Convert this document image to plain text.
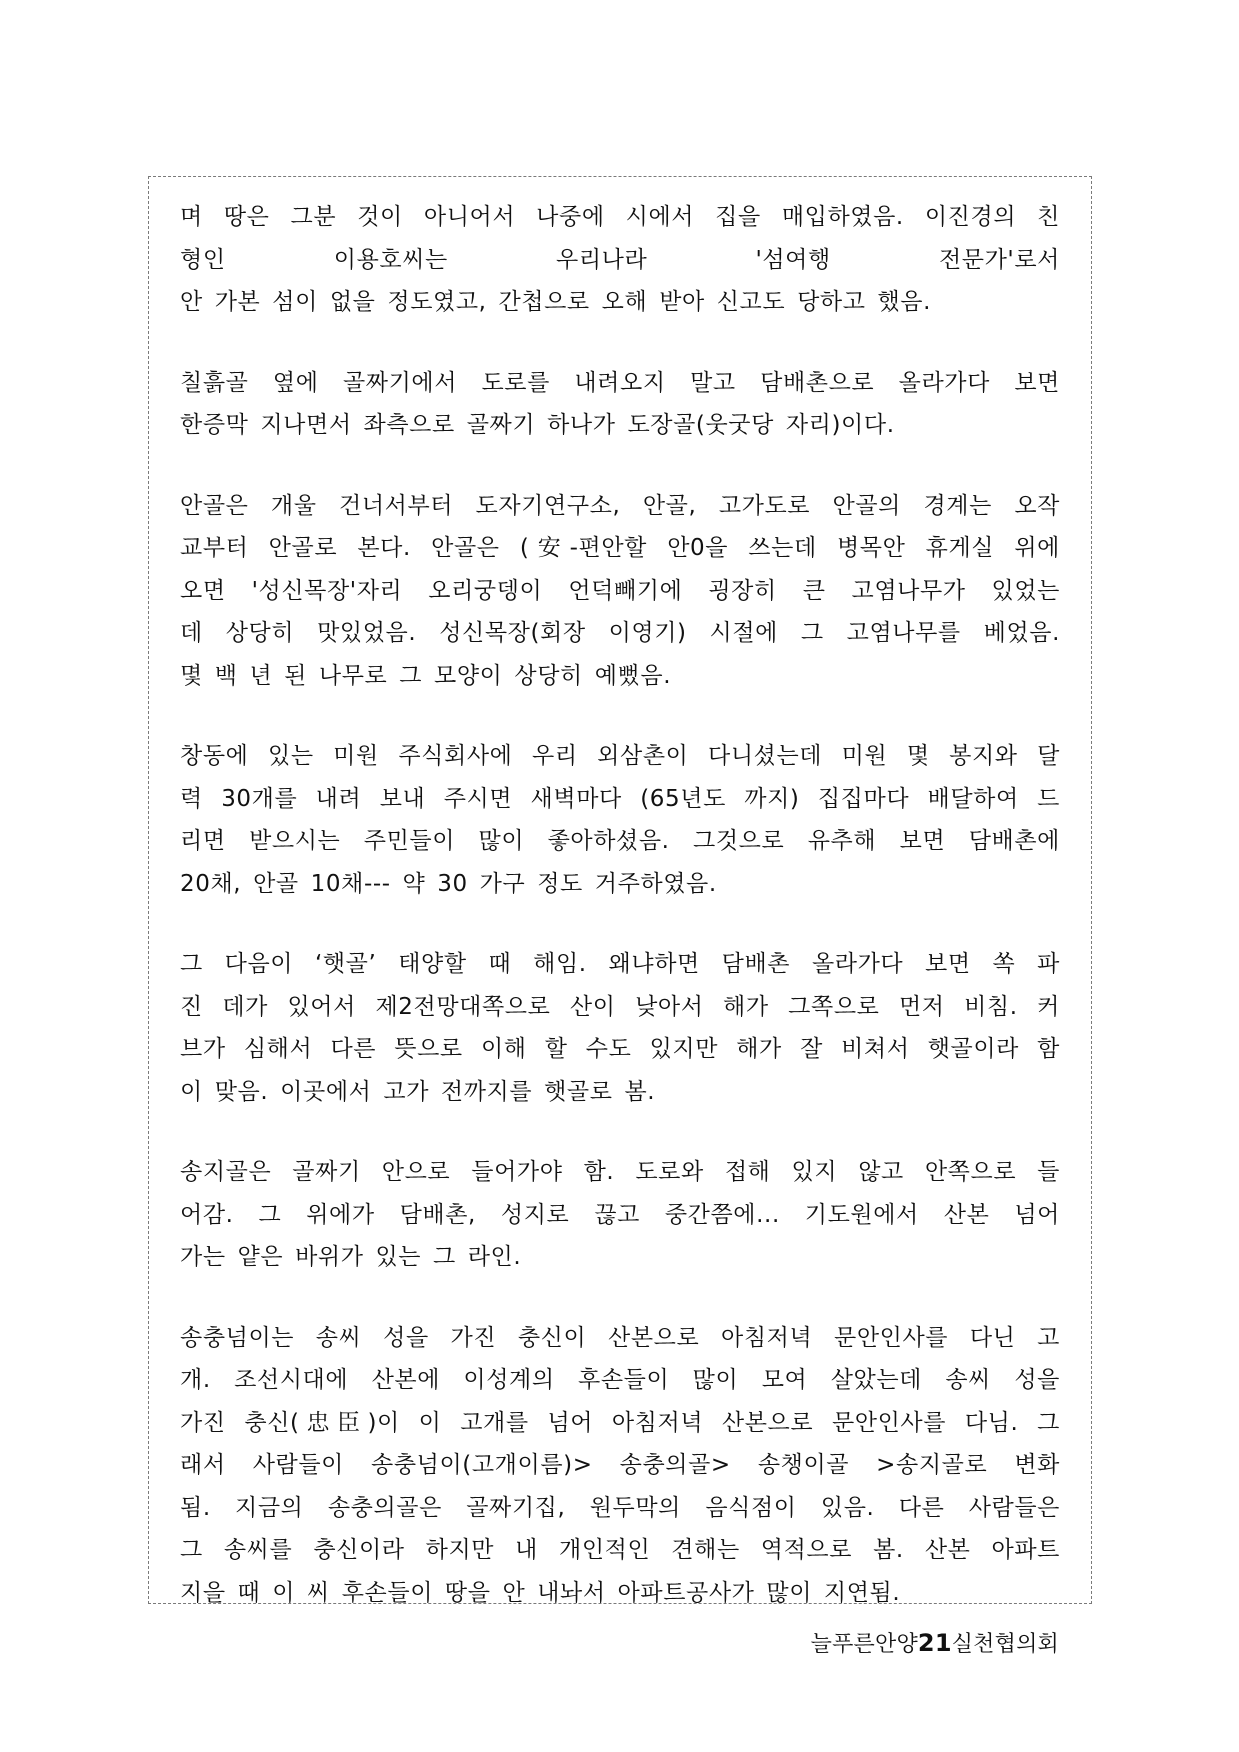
며 땅은 그분 것이 아니어서 나중에 시에서 집을 매입하였음. 이진경의 친
형인 이용호씨는 우리나라 '섬여행 전문가'로서
안 가본 섬이 없을 정도였고, 간첩으로 오해 받아 신고도 당하고 했음.
칠흙골 옆에 골짜기에서 도로를 내려오지 말고 담배촌으로 올라가다 보면
한증막 지나면서 좌측으로 골짜기 하나가 도장골(웃굿당 자리)이다.
안골은 개울 건너서부터 도자기연구소, 안골, 고가도로 안골의 경계는 오작
교부터 안골로 본다. 안골은 (安-편안할 안0을 쓰는데 병목안 휴게실 위에
오면 '성신목장'자리 오리궁뎅이 언덕빼기에 굉장히 큰 고염나무가 있었는
데 상당히 맛있었음. 성신목장(회장 이영기) 시절에 그 고염나무를 베었음.
몇 백 년 된 나무로 그 모양이 상당히 예뻤음.
창동에 있는 미원 주식회사에 우리 외삼촌이 다니셨는데 미원 몇 봉지와 달
력 30개를 내려 보내 주시면 새벽마다 (65년도 까지) 집집마다 배달하여 드
리면 받으시는 주민들이 많이 좋아하셨음. 그것으로 유추해 보면 담배촌에
20채, 안골 10채--- 약 30 가구 정도 거주하였음.
그 다음이 ‘햇골’ 태양할 때 해임. 왜냐하면 담배촌 올라가다 보면 쏙 파
진 데가 있어서 제2전망대쪽으로 산이 낮아서 해가 그쪽으로 먼저 비침. 커
브가 심해서 다른 뜻으로 이해 할 수도 있지만 해가 잘 비쳐서 햇골이라 함
이 맞음. 이곳에서 고가 전까지를 햇골로 봄.
송지골은 골짜기 안으로 들어가야 함. 도로와 접해 있지 않고 안쪽으로 들
어감. 그 위에가 담배촌, 성지로 끊고 중간쯤에... 기도원에서 산본 넘어
가는 얕은 바위가 있는 그 라인.
송충넘이는 송씨 성을 가진 충신이 산본으로 아침저녁 문안인사를 다닌 고
개. 조선시대에 산본에 이성계의 후손들이 많이 모여 살았는데 송씨 성을
가진 충신(忠臣)이 이 고개를 넘어 아침저녁 산본으로 문안인사를 다님. 그
래서 사람들이 송충넘이(고개이름)> 송충의골> 송챙이골 >송지골로 변화
됨. 지금의 송충의골은 골짜기집, 원두막의 음식점이 있음. 다른 사람들은
그 송씨를 충신이라 하지만 내 개인적인 견해는 역적으로 봄. 산본 아파트
지을 때 이 씨 후손들이 땅을 안 내놔서 아파트공사가 많이 지연됨.
늘푸른안양21실천협의회
